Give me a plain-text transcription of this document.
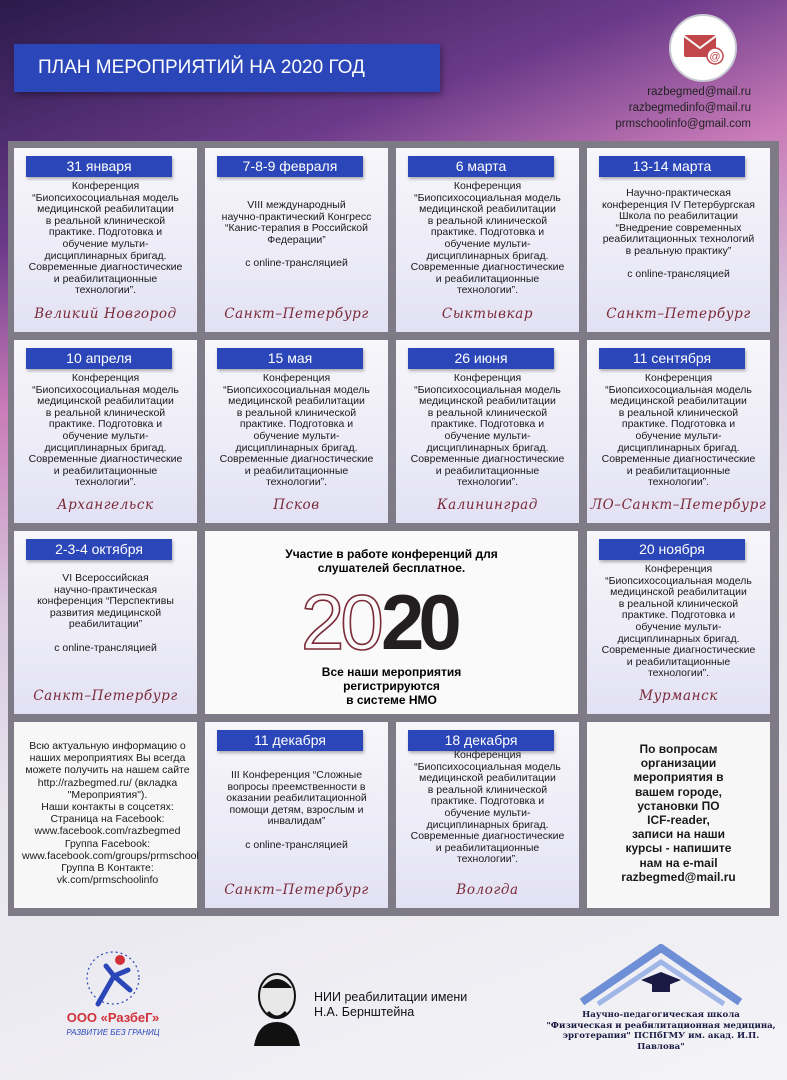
ПЛАН МЕРОПРИЯТИЙ НА 2020 ГОД	@
razbegmed@mail.ru
razbegmedinfo@mail.ru
prmschoolinfo@gmail.com
31 января
Конференция
“Биопсихосоциальная модель
медицинской реабилитации
в реальной клинической
практике. Подготовка и
обучение мульти-
дисциплинарных бригад.
Современные диагностические
и реабилитационные
технологии”.
Великий Новгород
7-8-9 февраля
VIII международный
научно-практический Конгресс
“Канис-терапия в Российской
Федерации”

с online-трансляцией
Санкт–Петербург
6 марта
Конференция
“Биопсихосоциальная модель
медицинской реабилитации
в реальной клинической
практике. Подготовка и
обучение мульти-
дисциплинарных бригад.
Современные диагностические
и реабилитационные
технологии”.
Сыктывкар
13-14 марта
Научно-практическая
конференция IV Петербургская
Школа по реабилитации
“Внедрение современных
реабилитационных технологий
в реальную практику”

с online-трансляцией
Санкт–Петербург
10 апреля
Конференция
“Биопсихосоциальная модель
медицинской реабилитации
в реальной клинической
практике. Подготовка и
обучение мульти-
дисциплинарных бригад.
Современные диагностические
и реабилитационные
технологии”.
Архангельск
15 мая
Конференция
“Биопсихосоциальная модель
медицинской реабилитации
в реальной клинической
практике. Подготовка и
обучение мульти-
дисциплинарных бригад.
Современные диагностические
и реабилитационные
технологии”.
Псков
26 июня
Конференция
“Биопсихосоциальная модель
медицинской реабилитации
в реальной клинической
практике. Подготовка и
обучение мульти-
дисциплинарных бригад.
Современные диагностические
и реабилитационные
технологии”.
Калининград
11 сентября
Конференция
“Биопсихосоциальная модель
медицинской реабилитации
в реальной клинической
практике. Подготовка и
обучение мульти-
дисциплинарных бригад.
Современные диагностические
и реабилитационные
технологии”.
ЛО–Санкт–Петербург
2-3-4 октября
VI Всероссийская
научно-практическая
конференция “Перспективы
развития медицинской
реабилитации”

с online-трансляцией
Санкт–Петербург
Участие в работе конференций для
слушателей бесплатное.
20 20
Все наши мероприятия
регистрируются
в системе НМО
20 ноября
Конференция
“Биопсихосоциальная модель
медицинской реабилитации
в реальной клинической
практике. Подготовка и
обучение мульти-
дисциплинарных бригад.
Современные диагностические
и реабилитационные
технологии”.
Мурманск
Всю актуальную информацию о
наших мероприятиях Вы всегда
можете получить на нашем сайте
http://razbegmed.ru/ (вкладка
"Мероприятия").
Наши контакты в соцсетях:
Страница на Facebook:
www.facebook.com/razbegmed
Группа Facebook:
www.facebook.com/groups/prmschool
Группа В Контакте:
vk.com/prmschoolinfo
11 декабря
III Конференция “Сложные
вопросы преемственности в
оказании реабилитационной
помощи детям, взрослым и
инвалидам”

с online-трансляцией
Санкт–Петербург
18 декабря
Конференция
“Биопсихосоциальная модель
медицинской реабилитации
в реальной клинической
практике. Подготовка и
обучение мульти-
дисциплинарных бригад.
Современные диагностические
и реабилитационные
технологии”.
Вологда
По вопросам
организации
мероприятия в
вашем городе,
установки ПО
ICF-reader,
записи на наши
курсы - напишите
нам на e-mail
razbegmed@mail.ru
ООО «РазбеГ»
РАЗВИТИЕ БЕЗ ГРАНИЦ
НИИ реабилитации имени
Н.А. Бернштейна	Научно-педагогическая школа
"Физическая и реабилитационная медицина,
эрготерапия" ПСПбГМУ им. акад. И.П. Павлова"
